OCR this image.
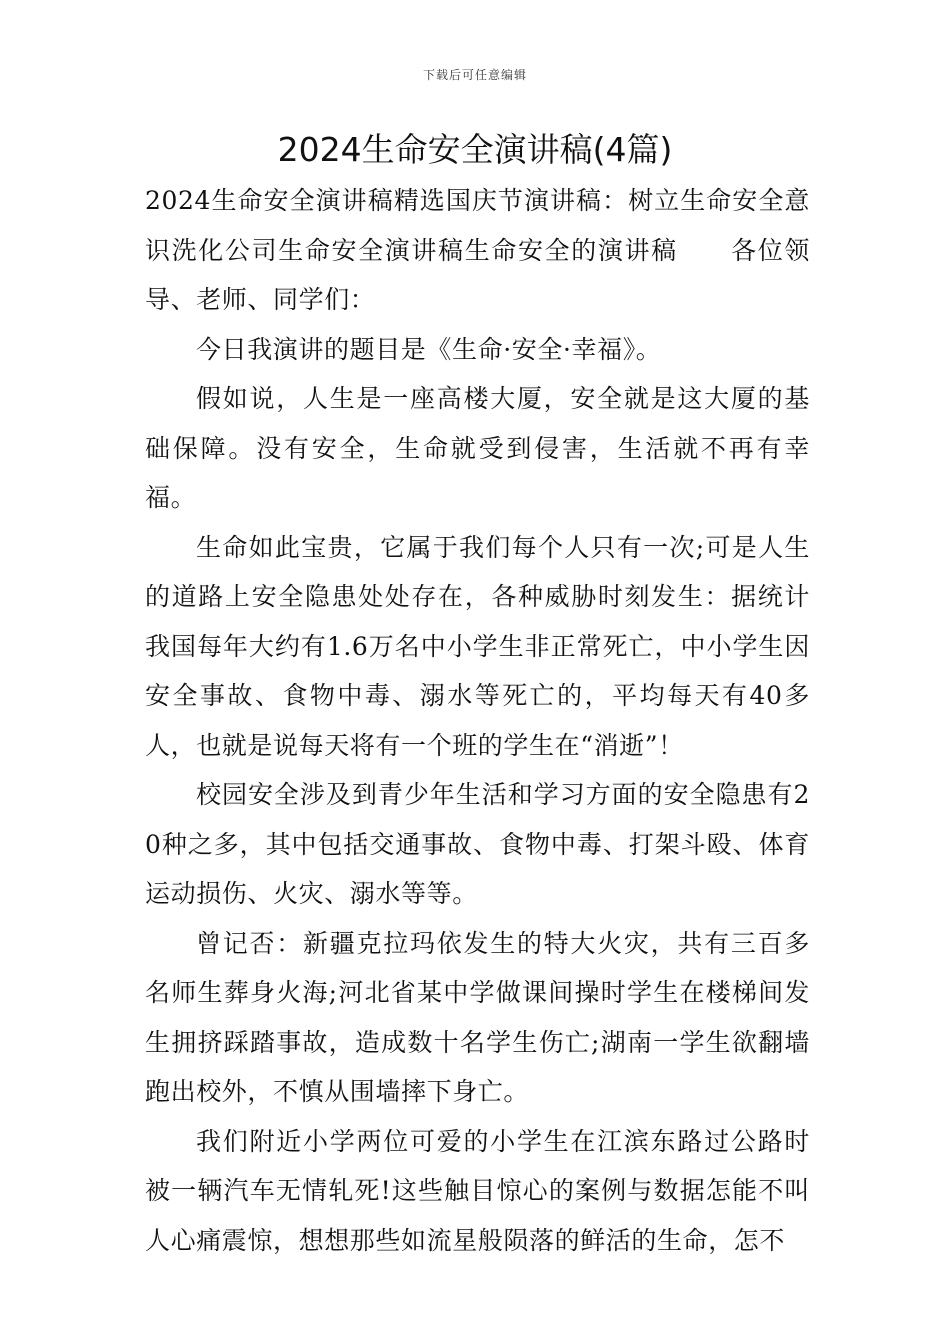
下载后可任意编辑
2024生命安全演讲稿(4篇)

2024生命安全演讲稿精选国庆节演讲稿：树立生命安全意识洗化公司生命安全演讲稿生命安全的演讲稿　　各位领导、老师、同学们：

今日我演讲的题目是《生命·安全·幸福》。

假如说，人生是一座高楼大厦，安全就是这大厦的基础保障。没有安全，生命就受到侵害，生活就不再有幸福。

生命如此宝贵，它属于我们每个人只有一次;可是人生的道路上安全隐患处处存在，各种威胁时刻发生：据统计我国每年大约有1.6万名中小学生非正常死亡，中小学生因安全事故、食物中毒、溺水等死亡的，平均每天有40多人，也就是说每天将有一个班的学生在“消逝”！

校园安全涉及到青少年生活和学习方面的安全隐患有20种之多，其中包括交通事故、食物中毒、打架斗殴、体育运动损伤、火灾、溺水等等。

曾记否：新疆克拉玛依发生的特大火灾，共有三百多名师生葬身火海;河北省某中学做课间操时学生在楼梯间发生拥挤踩踏事故，造成数十名学生伤亡;湖南一学生欲翻墙跑出校外，不慎从围墙摔下身亡。

我们附近小学两位可爱的小学生在江滨东路过公路时被一辆汽车无情轧死!这些触目惊心的案例与数据怎能不叫人心痛震惊，想想那些如流星般陨落的鲜活的生命，怎不
